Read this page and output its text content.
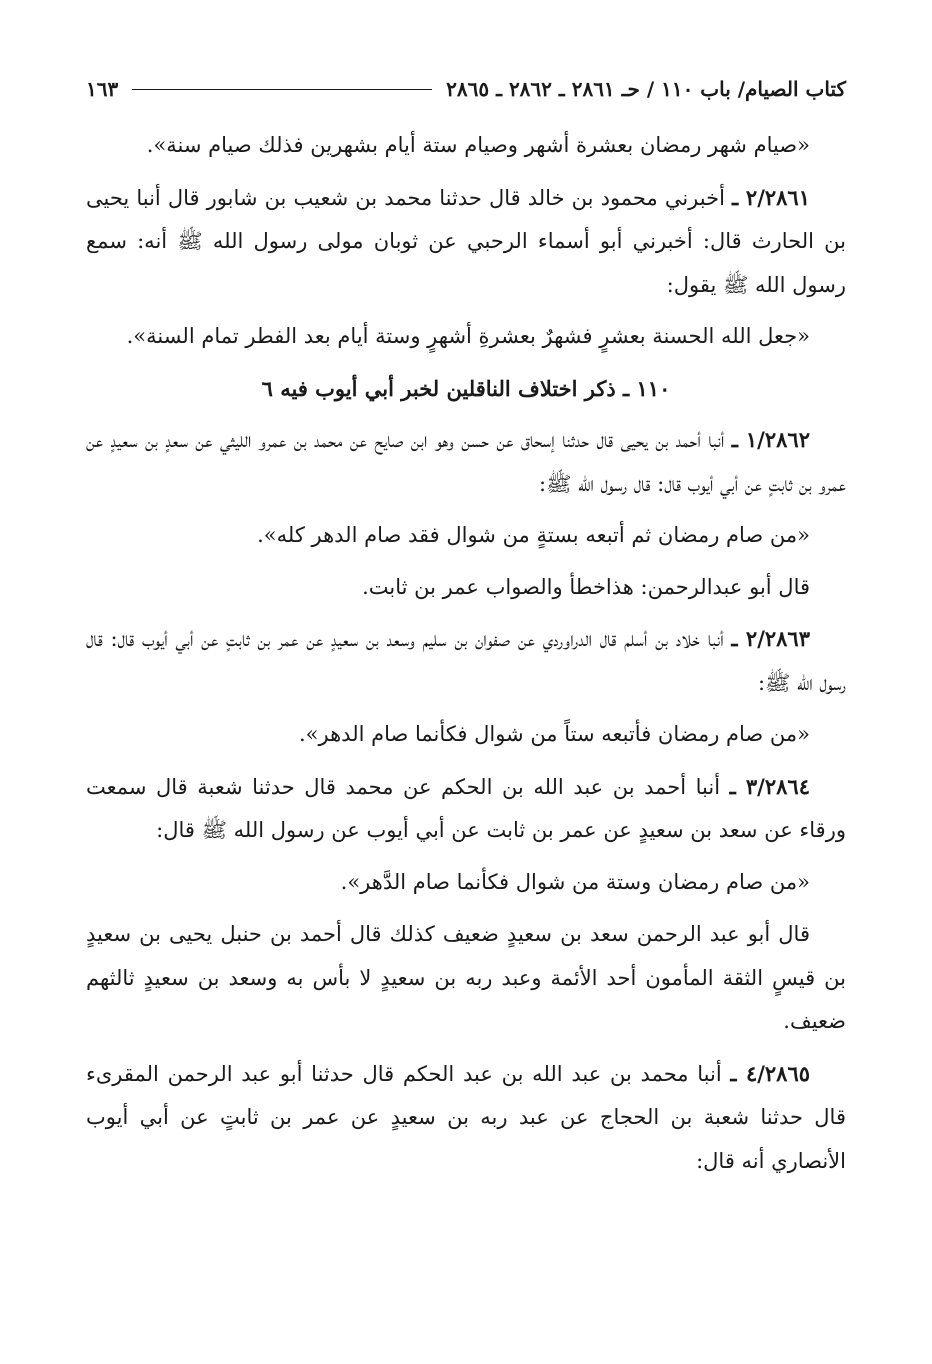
كتاب الصيام/ باب ١١٠ / حـ ٢٨٦١ ـ ٢٨٦٢ ـ ٢٨٦٥
١٦٣

«صيام شهر رمضان بعشرة أشهر وصيام ستة أيام بشهرين فذلك صيام سنة».

٢/٢٨٦١ ـ أخبرني محمود بن خالد قال حدثنا محمد بن شعيب بن شابور قال أنبا يحيى بن الحارث قال: أخبرني أبو أسماء الرحبي عن ثوبان مولى رسول الله ﷺ أنه: سمع رسول الله ﷺ يقول:

«جعل الله الحسنة بعشرٍ فشهرٌ بعشرةِ أشهرٍ وستة أيام بعد الفطر تمام السنة».

١١٠ ـ ذكر اختلاف الناقلين لخبر أبي أيوب فيه ٦

١/٢٨٦٢ ـ أنبا أحمد بن يحيى قال حدثنا إسحاق عن حسن وهو ابن صايح عن محمد بن عمرو الليثي عن سعدٍ بن سعيدٍ عن عمرو بن ثابتٍ عن أبي أيوب قال: قال رسول الله ﷺ:

«من صام رمضان ثم أتبعه بستةٍ من شوال فقد صام الدهر كله».

قال أبو عبدالرحمن: هذاخطأ والصواب عمر بن ثابت.

٢/٢٨٦٣ ـ أنبا خلاد بن أسلم قال الدراوردي عن صفوان بن سليم وسعد بن سعيدٍ عن عمر بن ثابتٍ عن أبي أيوب قال: قال رسول الله ﷺ:

«من صام رمضان فأتبعه ستاً من شوال فكأنما صام الدهر».

٣/٢٨٦٤ ـ أنبا أحمد بن عبد الله بن الحكم عن محمد قال حدثنا شعبة قال سمعت ورقاء عن سعد بن سعيدٍ عن عمر بن ثابت عن أبي أيوب عن رسول الله ﷺ قال:

«من صام رمضان وستة من شوال فكأنما صام الدَّهر».

قال أبو عبد الرحمن سعد بن سعيدٍ ضعيف كذلك قال أحمد بن حنبل يحيى بن سعيدٍ بن قيسٍ الثقة المأمون أحد الأئمة وعبد ربه بن سعيدٍ لا بأس به وسعد بن سعيدٍ ثالثهم ضعيف.

٤/٢٨٦٥ ـ أنبا محمد بن عبد الله بن عبد الحكم قال حدثنا أبو عبد الرحمن المقرىء قال حدثنا شعبة بن الحجاج عن عبد ربه بن سعيدٍ عن عمر بن ثابتٍ عن أبي أيوب الأنصاري أنه قال:
